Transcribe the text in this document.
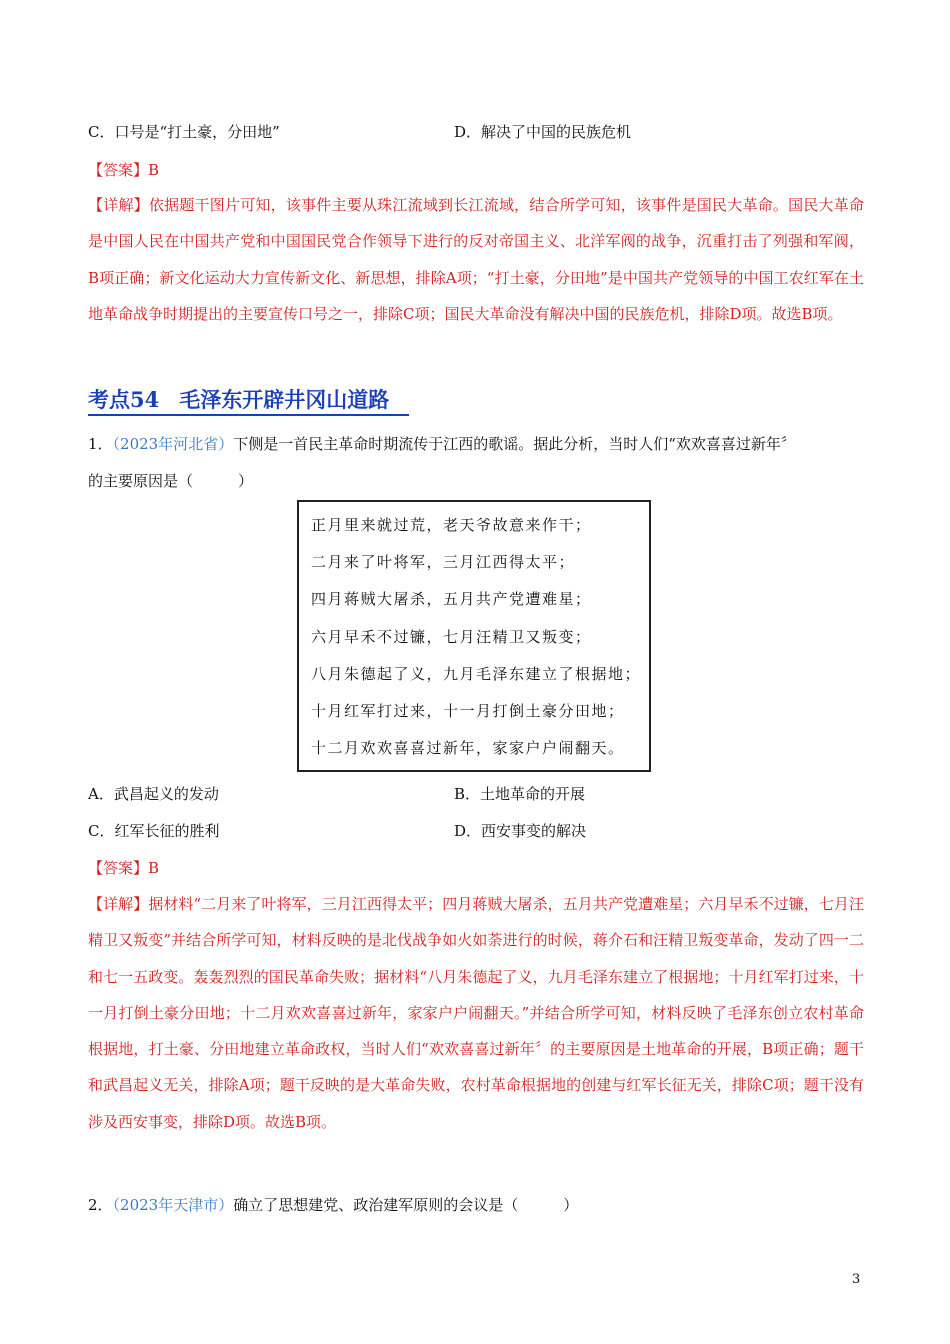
C．口号是“打土豪，分田地”	D．解决了中国的民族危机
【答案】B
【详解】依据题干图片可知，该事件主要从珠江流域到长江流域，结合所学可知，该事件是国民大革命。国民大革命是中国人民在中国共产党和中国国民党合作领导下进行的反对帝国主义、北洋军阀的战争，沉重打击了列强和军阀，B项正确；新文化运动大力宣传新文化、新思想，排除A项；“打土豪，分田地”是中国共产党领导的中国工农红军在土地革命战争时期提出的主要宣传口号之一，排除C项；国民大革命没有解决中国的民族危机，排除D项。故选B项。
考点54 毛泽东开辟井冈山道路
1．（2023年河北省）下侧是一首民主革命时期流传于江西的歌谣。据此分析，当时人们“欢欢喜喜过新年〞
的主要原因是（　　　）
正月里来就过荒，老天爷故意来作干；
二月来了叶将军，三月江西得太平；
四月蒋贼大屠杀，五月共产党遭难星；
六月早禾不过镰，七月汪精卫又叛变；
八月朱德起了义，九月毛泽东建立了根据地；
十月红军打过来，十一月打倒土豪分田地；
十二月欢欢喜喜过新年，家家户户闹翻天。
A．武昌起义的发动	B．土地革命的开展
C．红军长征的胜利	D．西安事变的解决
【答案】B
【详解】据材料“二月来了叶将军，三月江西得太平；四月蒋贼大屠杀，五月共产党遭难星；六月早禾不过镰，七月汪精卫又叛变”并结合所学可知，材料反映的是北伐战争如火如荼进行的时候，蒋介石和汪精卫叛变革命，发动了四一二和七一五政变。轰轰烈烈的国民革命失败；据材料“八月朱德起了义，九月毛泽东建立了根据地；十月红军打过来，十一月打倒土豪分田地；十二月欢欢喜喜过新年，家家户户闹翻天。”并结合所学可知，材料反映了毛泽东创立农村革命根据地，打土豪、分田地建立革命政权，当时人们“欢欢喜喜过新年〞的主要原因是土地革命的开展，B项正确；题干和武昌起义无关，排除A项；题干反映的是大革命失败，农村革命根据地的创建与红军长征无关，排除C项；题干没有涉及西安事变，排除D项。故选B项。
2．（2023年天津市）确立了思想建党、政治建军原则的会议是（　　　）
3
